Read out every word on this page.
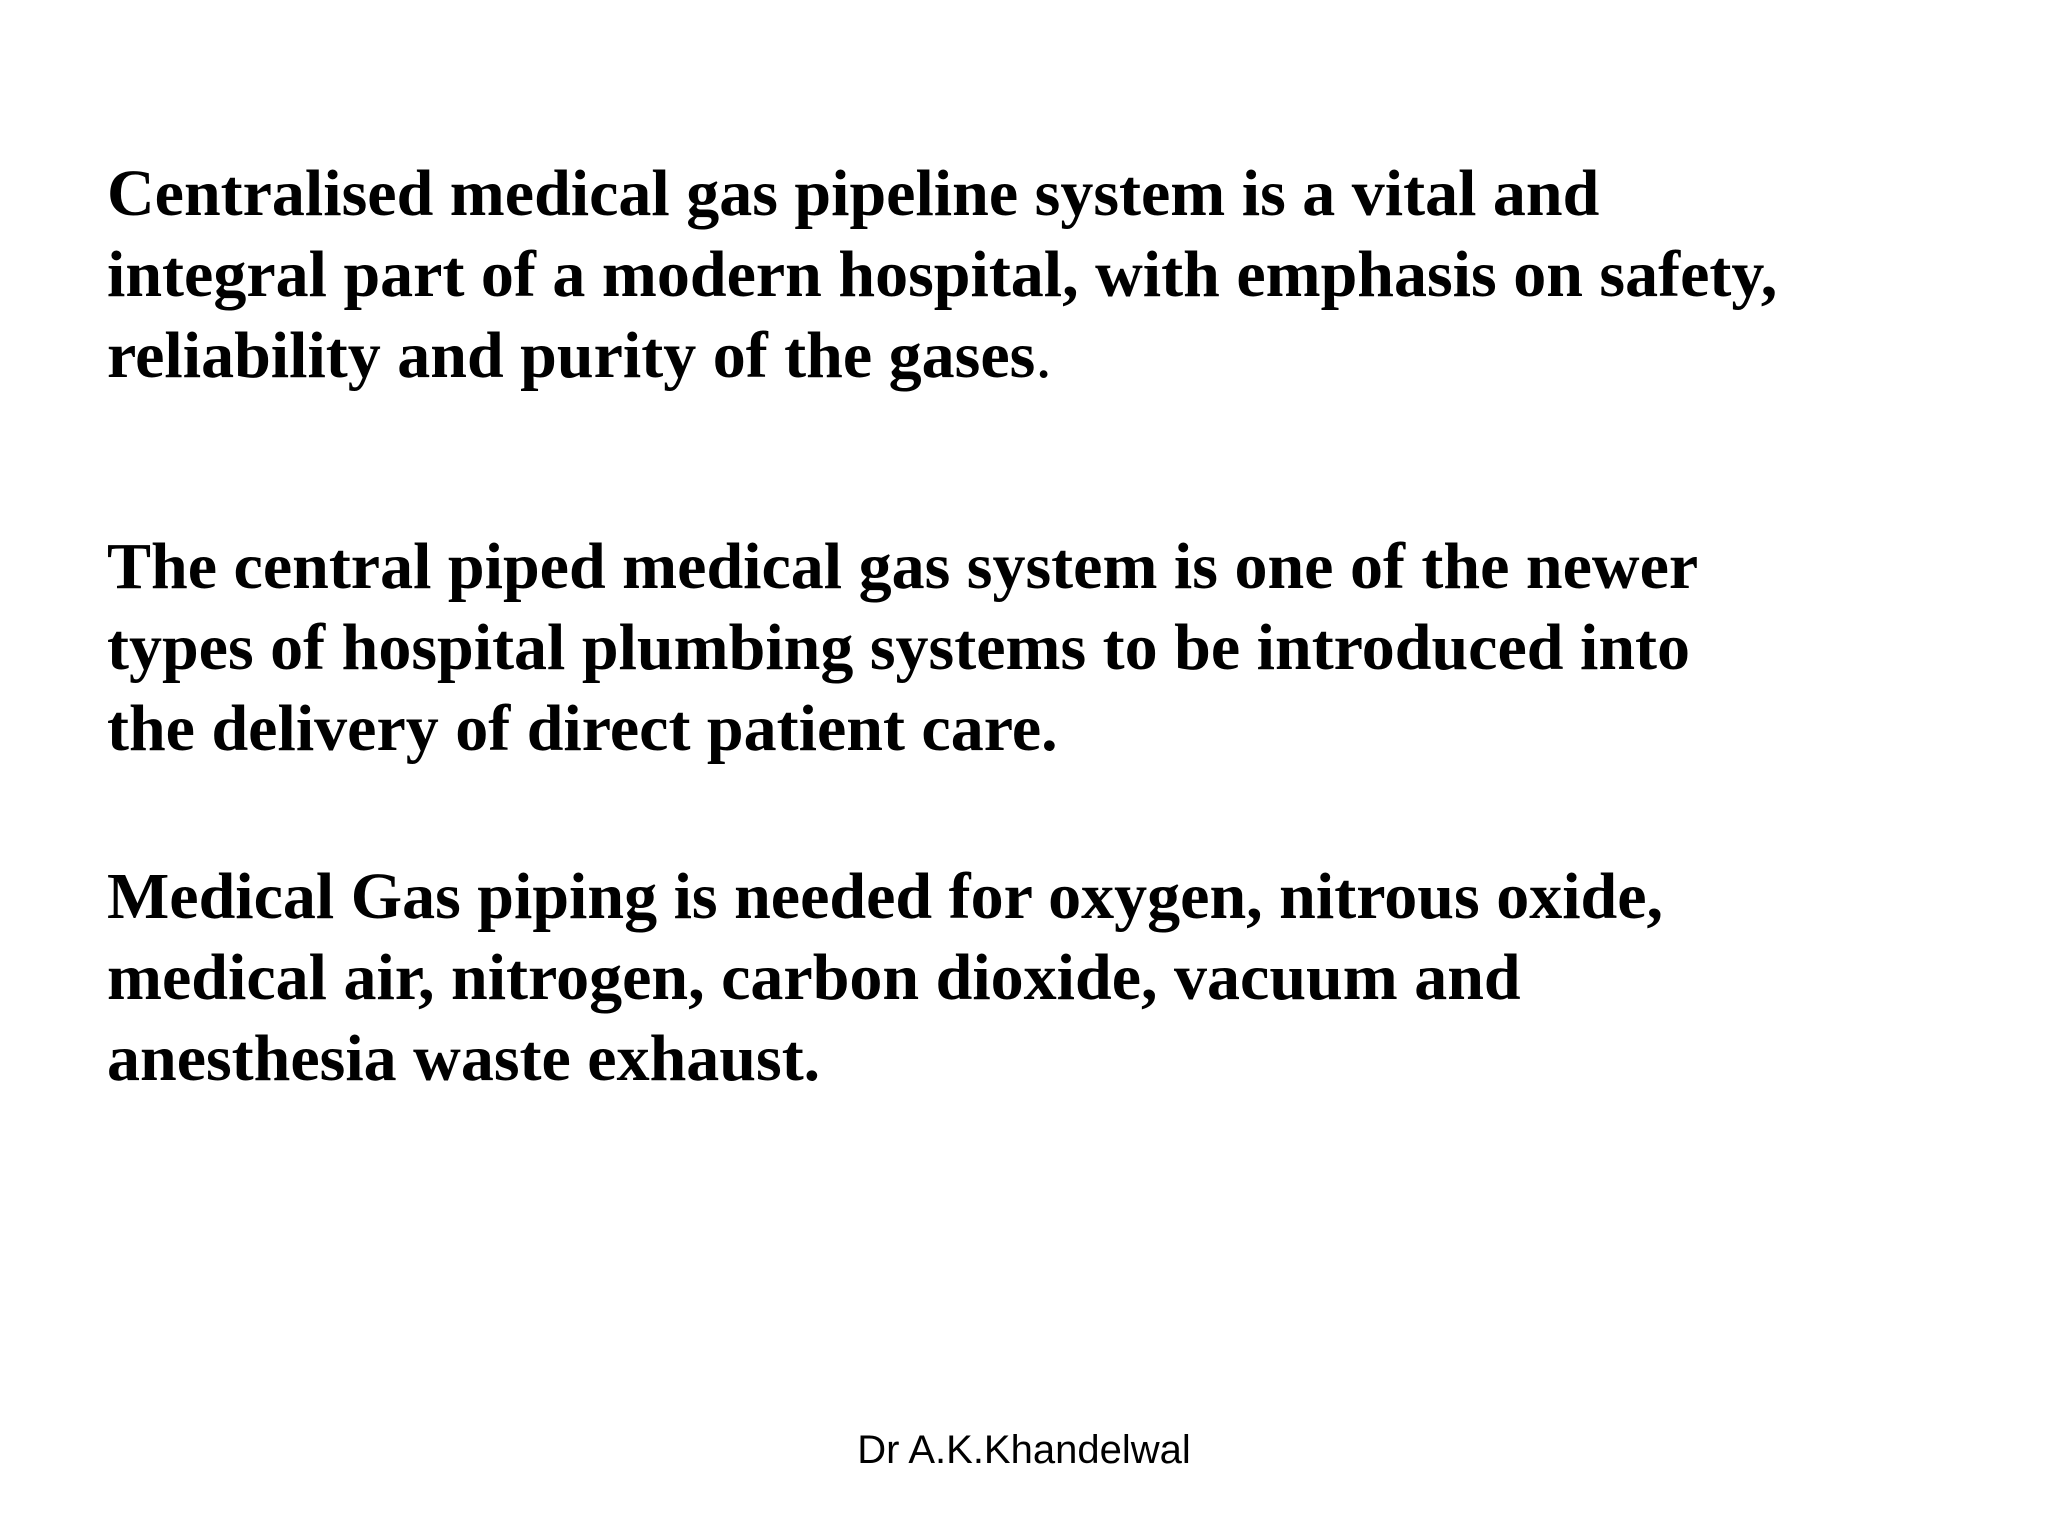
Centralised medical gas pipeline system is a vital and
integral part of a modern hospital, with emphasis on safety,
reliability and purity of the gases.

The central piped medical gas system is one of the newer
types of hospital plumbing systems to be introduced into
the delivery of direct patient care.

Medical Gas piping is needed for oxygen, nitrous oxide,
medical air, nitrogen, carbon dioxide, vacuum and
anesthesia waste exhaust.

Dr A.K.Khandelwal
